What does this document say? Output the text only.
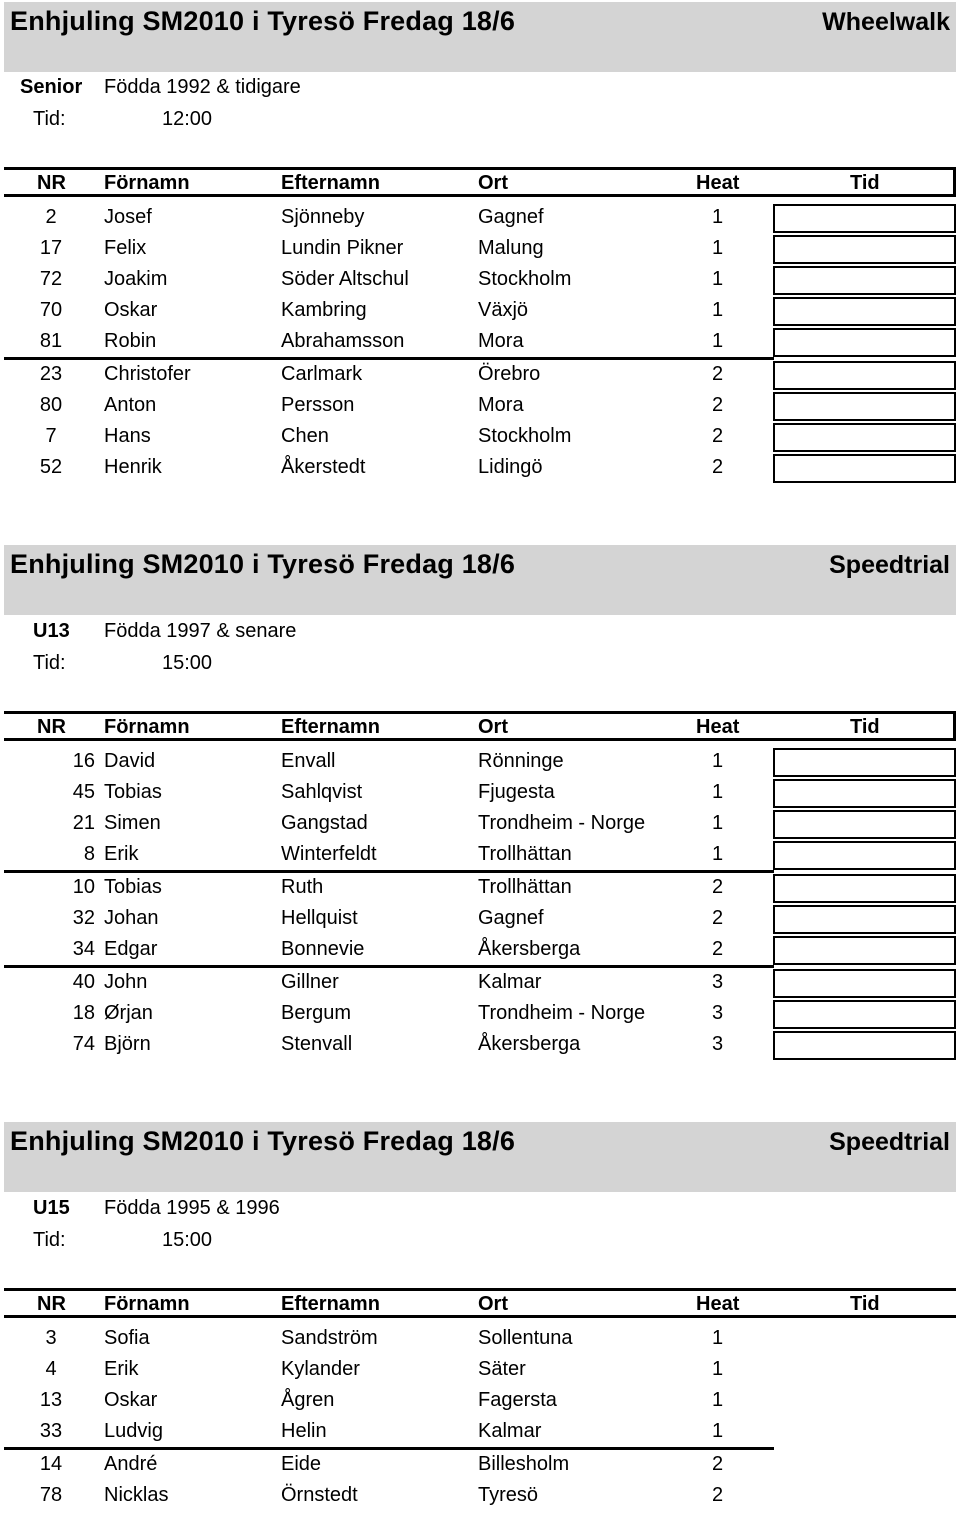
Enhjuling SM2010 i Tyresö Fredag 18/6	Wheelwalk
Senior Födda 1992 & tidigare
Tid:	12:00
NR Förnamn	Efternamn	Ort	Heat	Tid
2	Josef	Sjönneby	Gagnef	1
17	Felix	Lundin Pikner	Malung	1
72	Joakim	Söder Altschul	Stockholm	1
70	Oskar	Kambring	Växjö	1
81	Robin	Abrahamsson	Mora	1
23	Christofer	Carlmark	Örebro	2
80	Anton	Persson	Mora	2
7	Hans	Chen	Stockholm	2
52	Henrik	Åkerstedt	Lidingö	2
Enhjuling SM2010 i Tyresö Fredag 18/6	Speedtrial
U13 Födda 1997 & senare
Tid:	15:00
NR Förnamn	Efternamn	Ort	Heat	Tid
16 David	Envall	Rönninge	1
45 Tobias	Sahlqvist	Fjugesta	1
21 Simen	Gangstad	Trondheim - Norge	1
8 Erik	Winterfeldt	Trollhättan	1
10 Tobias	Ruth	Trollhättan	2
32 Johan	Hellquist	Gagnef	2
34 Edgar	Bonnevie	Åkersberga	2
40 John	Gillner	Kalmar	3
18 Ørjan	Bergum	Trondheim - Norge	3
74 Björn	Stenvall	Åkersberga	3
Enhjuling SM2010 i Tyresö Fredag 18/6	Speedtrial
U15 Födda 1995 & 1996
Tid:	15:00
NR Förnamn	Efternamn	Ort	Heat	Tid
3	Sofia	Sandström	Sollentuna	1
4	Erik	Kylander	Säter	1
13	Oskar	Ågren	Fagersta	1
33	Ludvig	Helin	Kalmar	1
14	André	Eide	Billesholm	2
78	Nicklas	Örnstedt	Tyresö	2
